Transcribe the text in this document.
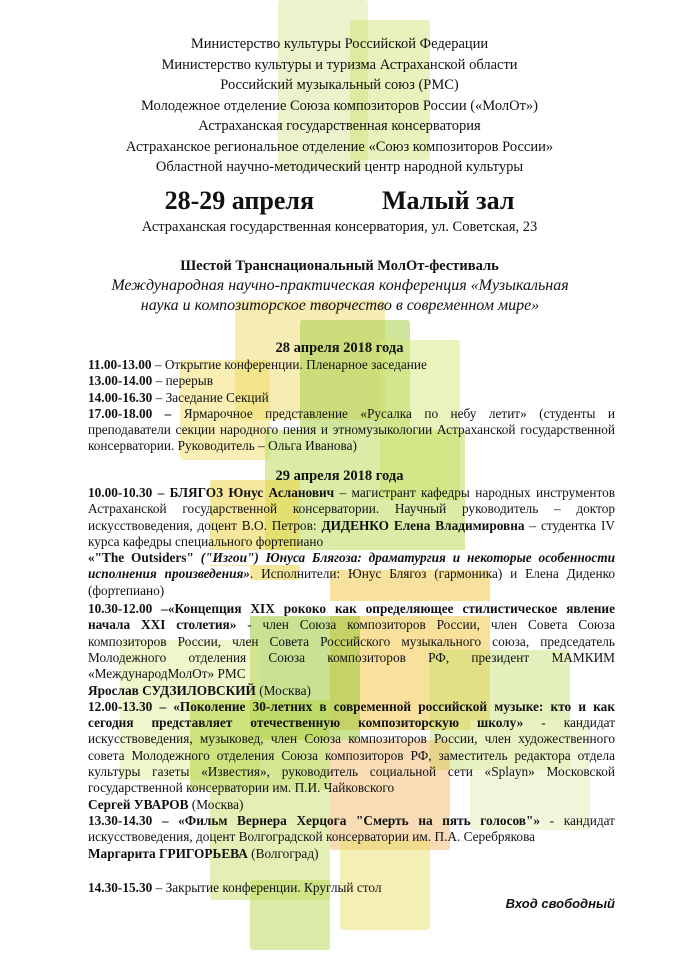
Министерство культуры Российской Федерации
Министерство культуры и туризма Астраханской области
Российский музыкальный союз (РМС)
Молодежное отделение Союза композиторов России («МолОт»)
Астраханская государственная консерватория
Астраханское региональное отделение «Союз композиторов России»
Областной научно-методический центр народной культуры
28-29 апреля	Малый зал
Астраханская государственная консерватория, ул. Советская, 23
Шестой Транснациональный МолОт-фестиваль
Международная научно-практическая конференция «Музыкальная
наука и композиторское творчество в современном мире»
28 апреля 2018 года
11.00-13.00 – Открытие конференции. Пленарное заседание
13.00-14.00 – перерыв
14.00-16.30 – Заседание Секций
17.00-18.00 – Ярмарочное представление «Русалка по небу летит» (студенты и преподаватели секции народного пения и этномузыкологии Астраханской государственной консерватории. Руководитель – Ольга Иванова)
29 апреля 2018 года
10.00-10.30 – БЛЯГОЗ Юнус Асланович – магистрант кафедры народных инструментов Астраханской государственной консерватории. Научный руководитель – доктор искусствоведения, доцент В.О. Петров: ДИДЕНКО Елена Владимировна – студентка IV курса кафедры специального фортепиано
«"The Outsiders" ("Изгои") Юнуса Блягоза: драматургия и некоторые особенности исполнения произведения». Исполнители: Юнус Блягоз (гармоника) и Елена Диденко (фортепиано)
10.30-12.00 –«Концепция XIX рококо как определяющее стилистическое явление начала XXI столетия» - член Союза композиторов России, член Совета Союза композиторов России, член Совета Российского музыкального союза, председатель Молодежного отделения Союза композиторов РФ, президент МАМКИМ «МеждународМолОт» РМС
Ярослав СУДЗИЛОВСКИЙ (Москва)
12.00-13.30 – «Поколение 30-летних в современной российской музыке: кто и как сегодня представляет отечественную композиторскую школу» - кандидат искусствоведения, музыковед, член Союза композиторов России, член художественного совета Молодежного отделения Союза композиторов РФ, заместитель редактора отдела культуры газеты «Известия», руководитель социальной сети «Splayn» Московской государственной консерватории им. П.И. Чайковского
Сергей УВАРОВ (Москва)
13.30-14.30 – «Фильм Вернера Херцога "Смерть на пять голосов"» - кандидат искусствоведения, доцент Волгоградской консерватории им. П.А. Серебрякова
Маргарита ГРИГОРЬЕВА (Волгоград)
14.30-15.30 – Закрытие конференции. Круглый стол
Вход свободный
